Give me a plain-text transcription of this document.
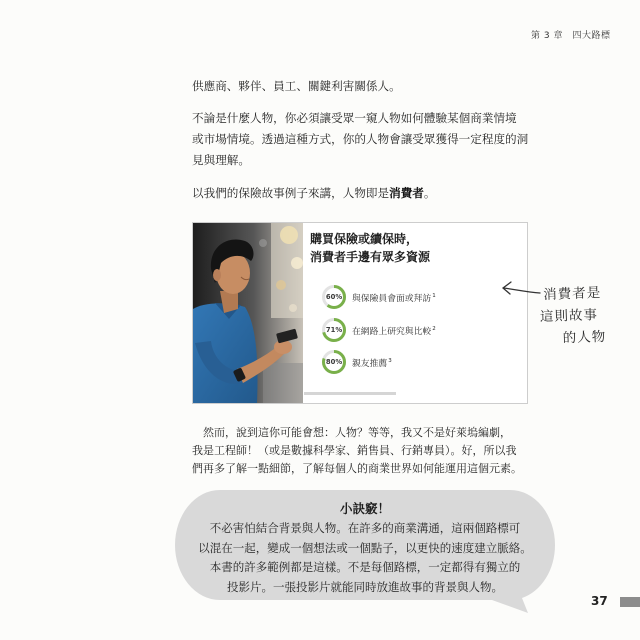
第 3 章　四大路標
供應商、夥伴、員工、關鍵利害關係人。
不論是什麼人物，你必須讓受眾一窺人物如何體驗某個商業情境
或市場情境。透過這種方式，你的人物會讓受眾獲得一定程度的洞
見與理解。
以我們的保險故事例子來講，人物即是消費者。
購買保險或續保時，
消費者手邊有眾多資源
60%	與保險員會面或拜訪$^1$
71%	在網路上研究與比較$^2$
80%	親友推薦$^3$
消費者是
這則故事
的人物
然而，說到這你可能會想：人物？等等，我又不是好萊塢編劇，
我是工程師！（或是數據科學家、銷售員、行銷專員）。好，所以我
們再多了解一點細節，了解每個人的商業世界如何能運用這個元素。
小訣竅！
不必害怕結合背景與人物。在許多的商業溝通，這兩個路標可
以混在一起，變成一個想法或一個點子，以更快的速度建立脈絡。
本書的許多範例都是這樣。不是每個路標，一定都得有獨立的
投影片。一張投影片就能同時放進故事的背景與人物。
37
